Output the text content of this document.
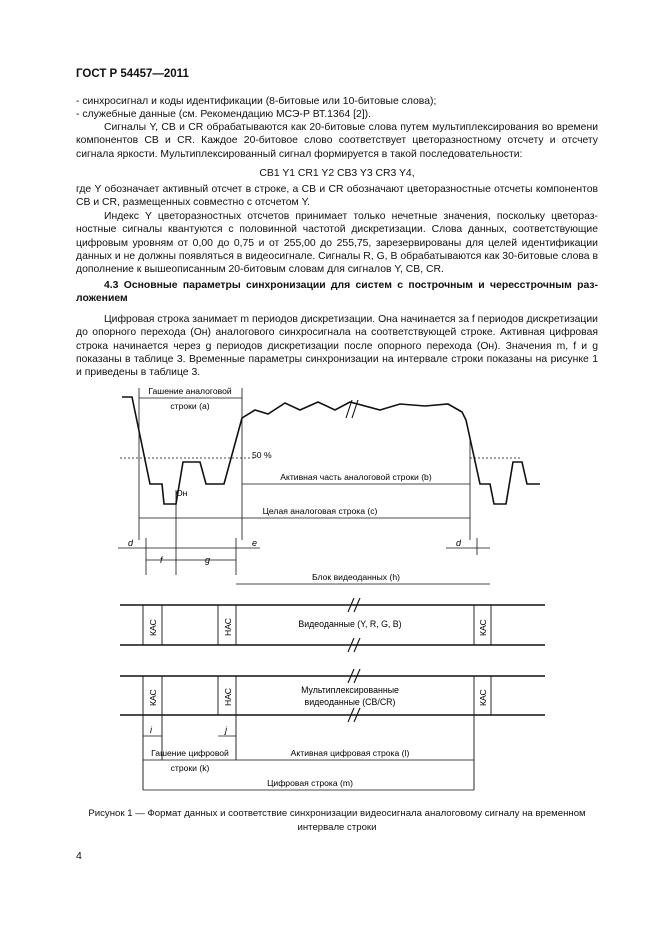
ГОСТ Р 54457—2011
- синхросигнал и коды идентификации (8-битовые или 10-битовые слова);
- служебные данные (см. Рекомендацию МСЭ-Р ВТ.1364 [2]).
Сигналы Y, CB и CR обрабатываются как 20-битовые слова путем мультиплексирования во времени компонентов CB и CR. Каждое 20-битовое слово соответствует цветоразностному отсчету и отсчету сигнала яркости. Мультиплексированный сигнал формируется в такой последовательности:
CB1 Y1 CR1 Y2 CB3 Y3 CR3 Y4,
где Y обозначает активный отсчет в строке, а CB и CR обозначают цветоразностные отсчеты компонентов CB и CR, размещенных совместно с отсчетом Y.
Индекс Y цветоразностных отсчетов принимает только нечетные значения, поскольку цветоразностные сигналы квантуются с половинной частотой дискретизации. Слова данных, соответствующие цифровым уровням от 0,00 до 0,75 и от 255,00 до 255,75, зарезервированы для целей идентификации данных и не должны появляться в видеосигнале. Сигналы R, G, B обрабатываются как 30-битовые слова в дополнение к вышеописанным 20-битовым словам для сигналов Y, CB, CR.
4.3 Основные параметры синхронизации для систем с построчным и чересстрочным разложением
Цифровая строка занимает m периодов дискретизации. Она начинается за f периодов дискретизации до опорного перехода (Он) аналогового синхросигнала на соответствующей строке. Активная цифровая строка начинается через g периодов дискретизации после опорного перехода (Он). Значения m, f и g показаны в таблице 3. Временные параметры синхронизации на интервале строки показаны на рисунке 1 и приведены в таблице 3.
Гашение аналоговой
строки (a)
50 %
Он
Активная часть аналоговой строки (b)
Целая аналоговая строка (c)
d
f	g
e	d
Блок видеоданных (h)
КАС	НАС	КАС
КАС	НАС	КАС
Видеоданные (Y, R, G, B)
Мультиплексированные
видеоданные (CB/CR)
i	j
Гашение цифровой
строки (k)
Активная цифровая строка (l)
Цифровая строка (m)
Рисунок 1 — Формат данных и соответствие синхронизации видеосигнала аналоговому сигналу на временном интервале строки
4
